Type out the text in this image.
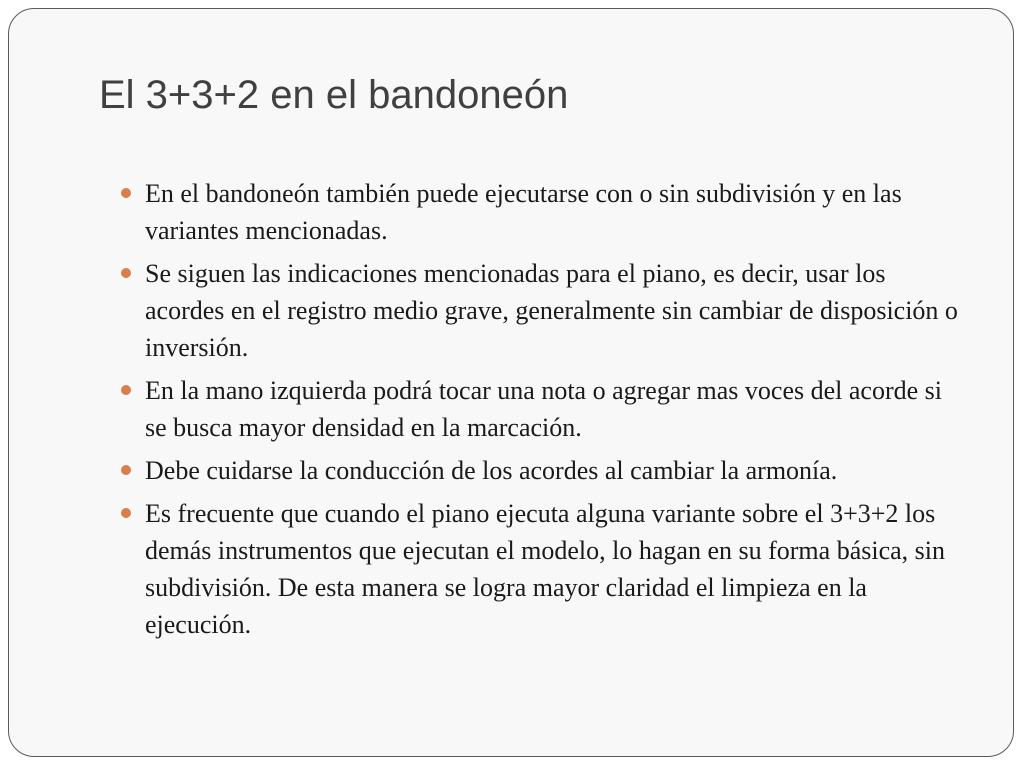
El 3+3+2 en el bandoneón
En el bandoneón también puede ejecutarse con o sin subdivisión y en las variantes mencionadas.
Se siguen las indicaciones mencionadas para el piano, es decir, usar los acordes en el registro medio grave, generalmente sin cambiar de disposición o inversión.
En la mano izquierda podrá tocar una nota o agregar mas voces del acorde si se busca mayor densidad en la marcación.
Debe cuidarse la conducción de los acordes al cambiar la armonía.
Es frecuente que cuando el piano ejecuta alguna variante sobre el 3+3+2 los demás instrumentos que ejecutan el modelo, lo hagan en su forma básica, sin subdivisión. De esta manera se logra mayor claridad el limpieza en la ejecución.
